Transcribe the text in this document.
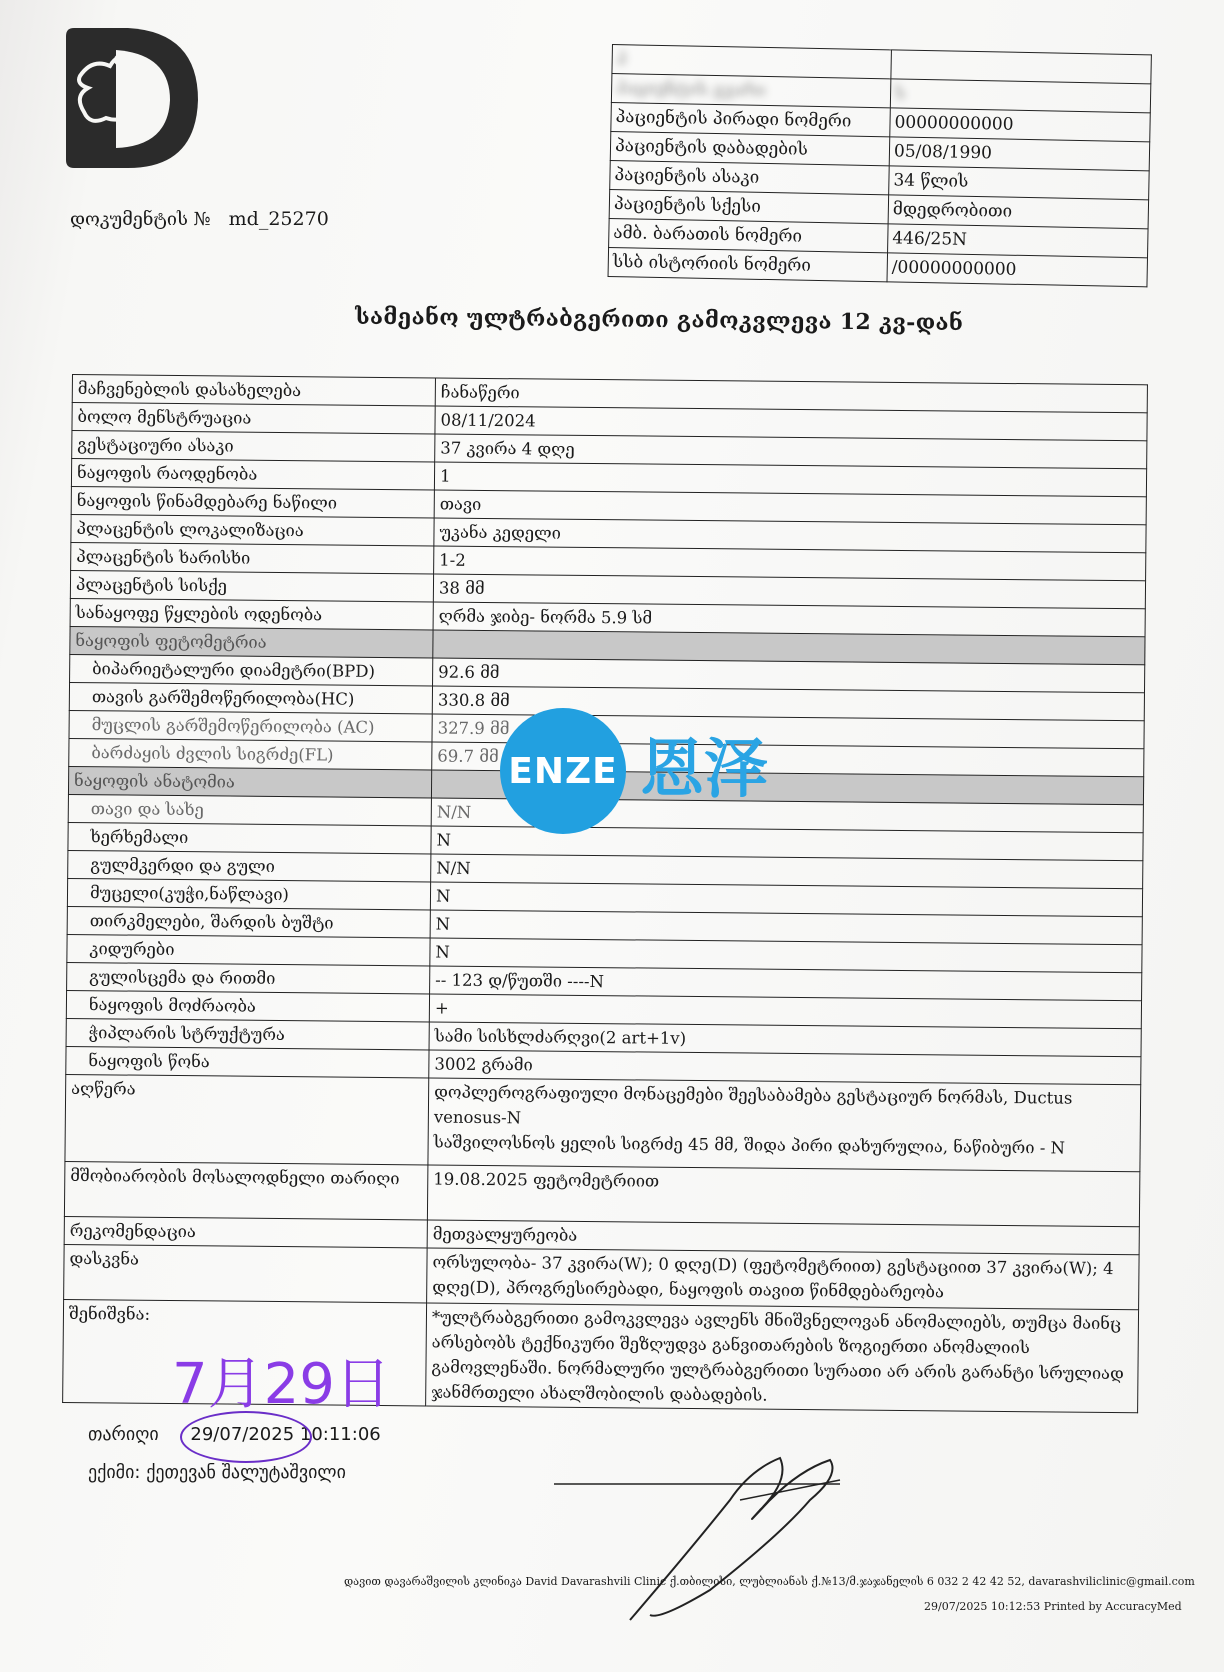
დოკუმენტის № md_25270
პ	
პაციენტის გვარი	ს
პაციენტის პირადი ნომერი	00000000000
პაციენტის დაბადების	05/08/1990
პაციენტის ასაკი	34 წლის
პაციენტის სქესი	მდედრობითი
ამბ. ბარათის ნომერი	446/25N
სსბ ისტორიის ნომერი	/00000000000
სამეანო ულტრაბგერითი გამოკვლევა 12 კვ-დან
მაჩვენებლის დასახელება	ჩანაწერი
ბოლო მენსტრუაცია	08/11/2024
გესტაციური ასაკი	37 კვირა 4 დღე
ნაყოფის რაოდენობა	1
ნაყოფის წინამდებარე ნაწილი	თავი
პლაცენტის ლოკალიზაცია	უკანა კედელი
პლაცენტის ხარისხი	1-2
პლაცენტის სისქე	38 მმ
სანაყოფე წყლების ოდენობა	ღრმა ჯიბე- ნორმა 5.9 სმ
ნაყოფის ფეტომეტრია	
ბიპარიეტალური დიამეტრი(BPD)	92.6 მმ
თავის გარშემოწერილობა(HC)	330.8 მმ
მუცლის გარშემოწერილობა (AC)	327.9 მმ
ბარძაყის ძვლის სიგრძე(FL)	69.7 მმ
ნაყოფის ანატომია	
თავი და სახე	N/N
ხერხემალი	N
გულმკერდი და გული	N/N
მუცელი(კუჭი,ნაწლავი)	N
თირკმელები, შარდის ბუშტი	N
კიდურები	N
გულისცემა და რითმი	-- 123 დ/წუთში ----N
ნაყოფის მოძრაობა	+
ჭიპლარის სტრუქტურა	სამი სისხლძარღვი(2 art+1v)
ნაყოფის წონა	3002 გრამი
აღწერა	დოპლეროგრაფიული მონაცემები შეესაბამება გესტაციურ ნორმას, Ductus venosus-N
საშვილოსნოს ყელის სიგრძე 45 მმ, შიდა პირი დახურულია, ნაწიბური - N

მშობიარობის მოსალოდნელი თარიღი	19.08.2025 ფეტომეტრიით
რეკომენდაცია	მეთვალყურეობა
დასკვნა	ორსულობა- 37 კვირა(W); 0 დღე(D) (ფეტომეტრიით) გესტაციით 37 კვირა(W); 4 დღე(D), პროგრესირებადი, ნაყოფის თავით წინმდებარეობა
შენიშვნა:	*ულტრაბგერითი გამოკვლევა ავლენს მნიშვნელოვან ანომალიებს, თუმცა მაინც არსებობს ტექნიკური შეზღუდვა განვითარების ზოგიერთი ანომალიის გამოვლენაში. ნორმალური ულტრაბგერითი სურათი არ არის გარანტი სრულიად ჯანმრთელი ახალშობილის დაბადების.
ENZE 恩泽
7月29日
თარიღი 29/07/2025 10:11:06
ექიმი: ქეთევან შალუტაშვილი
დავით დავარაშვილის კლინიკა David Davarashvili Clinic ქ.თბილისი, ლუბლიანას ქ.№13/მ.ჯაჯანელის 6 032 2 42 42 52, davarashviliclinic@gmail.com
29/07/2025 10:12:53 Printed by AccuracyMed
